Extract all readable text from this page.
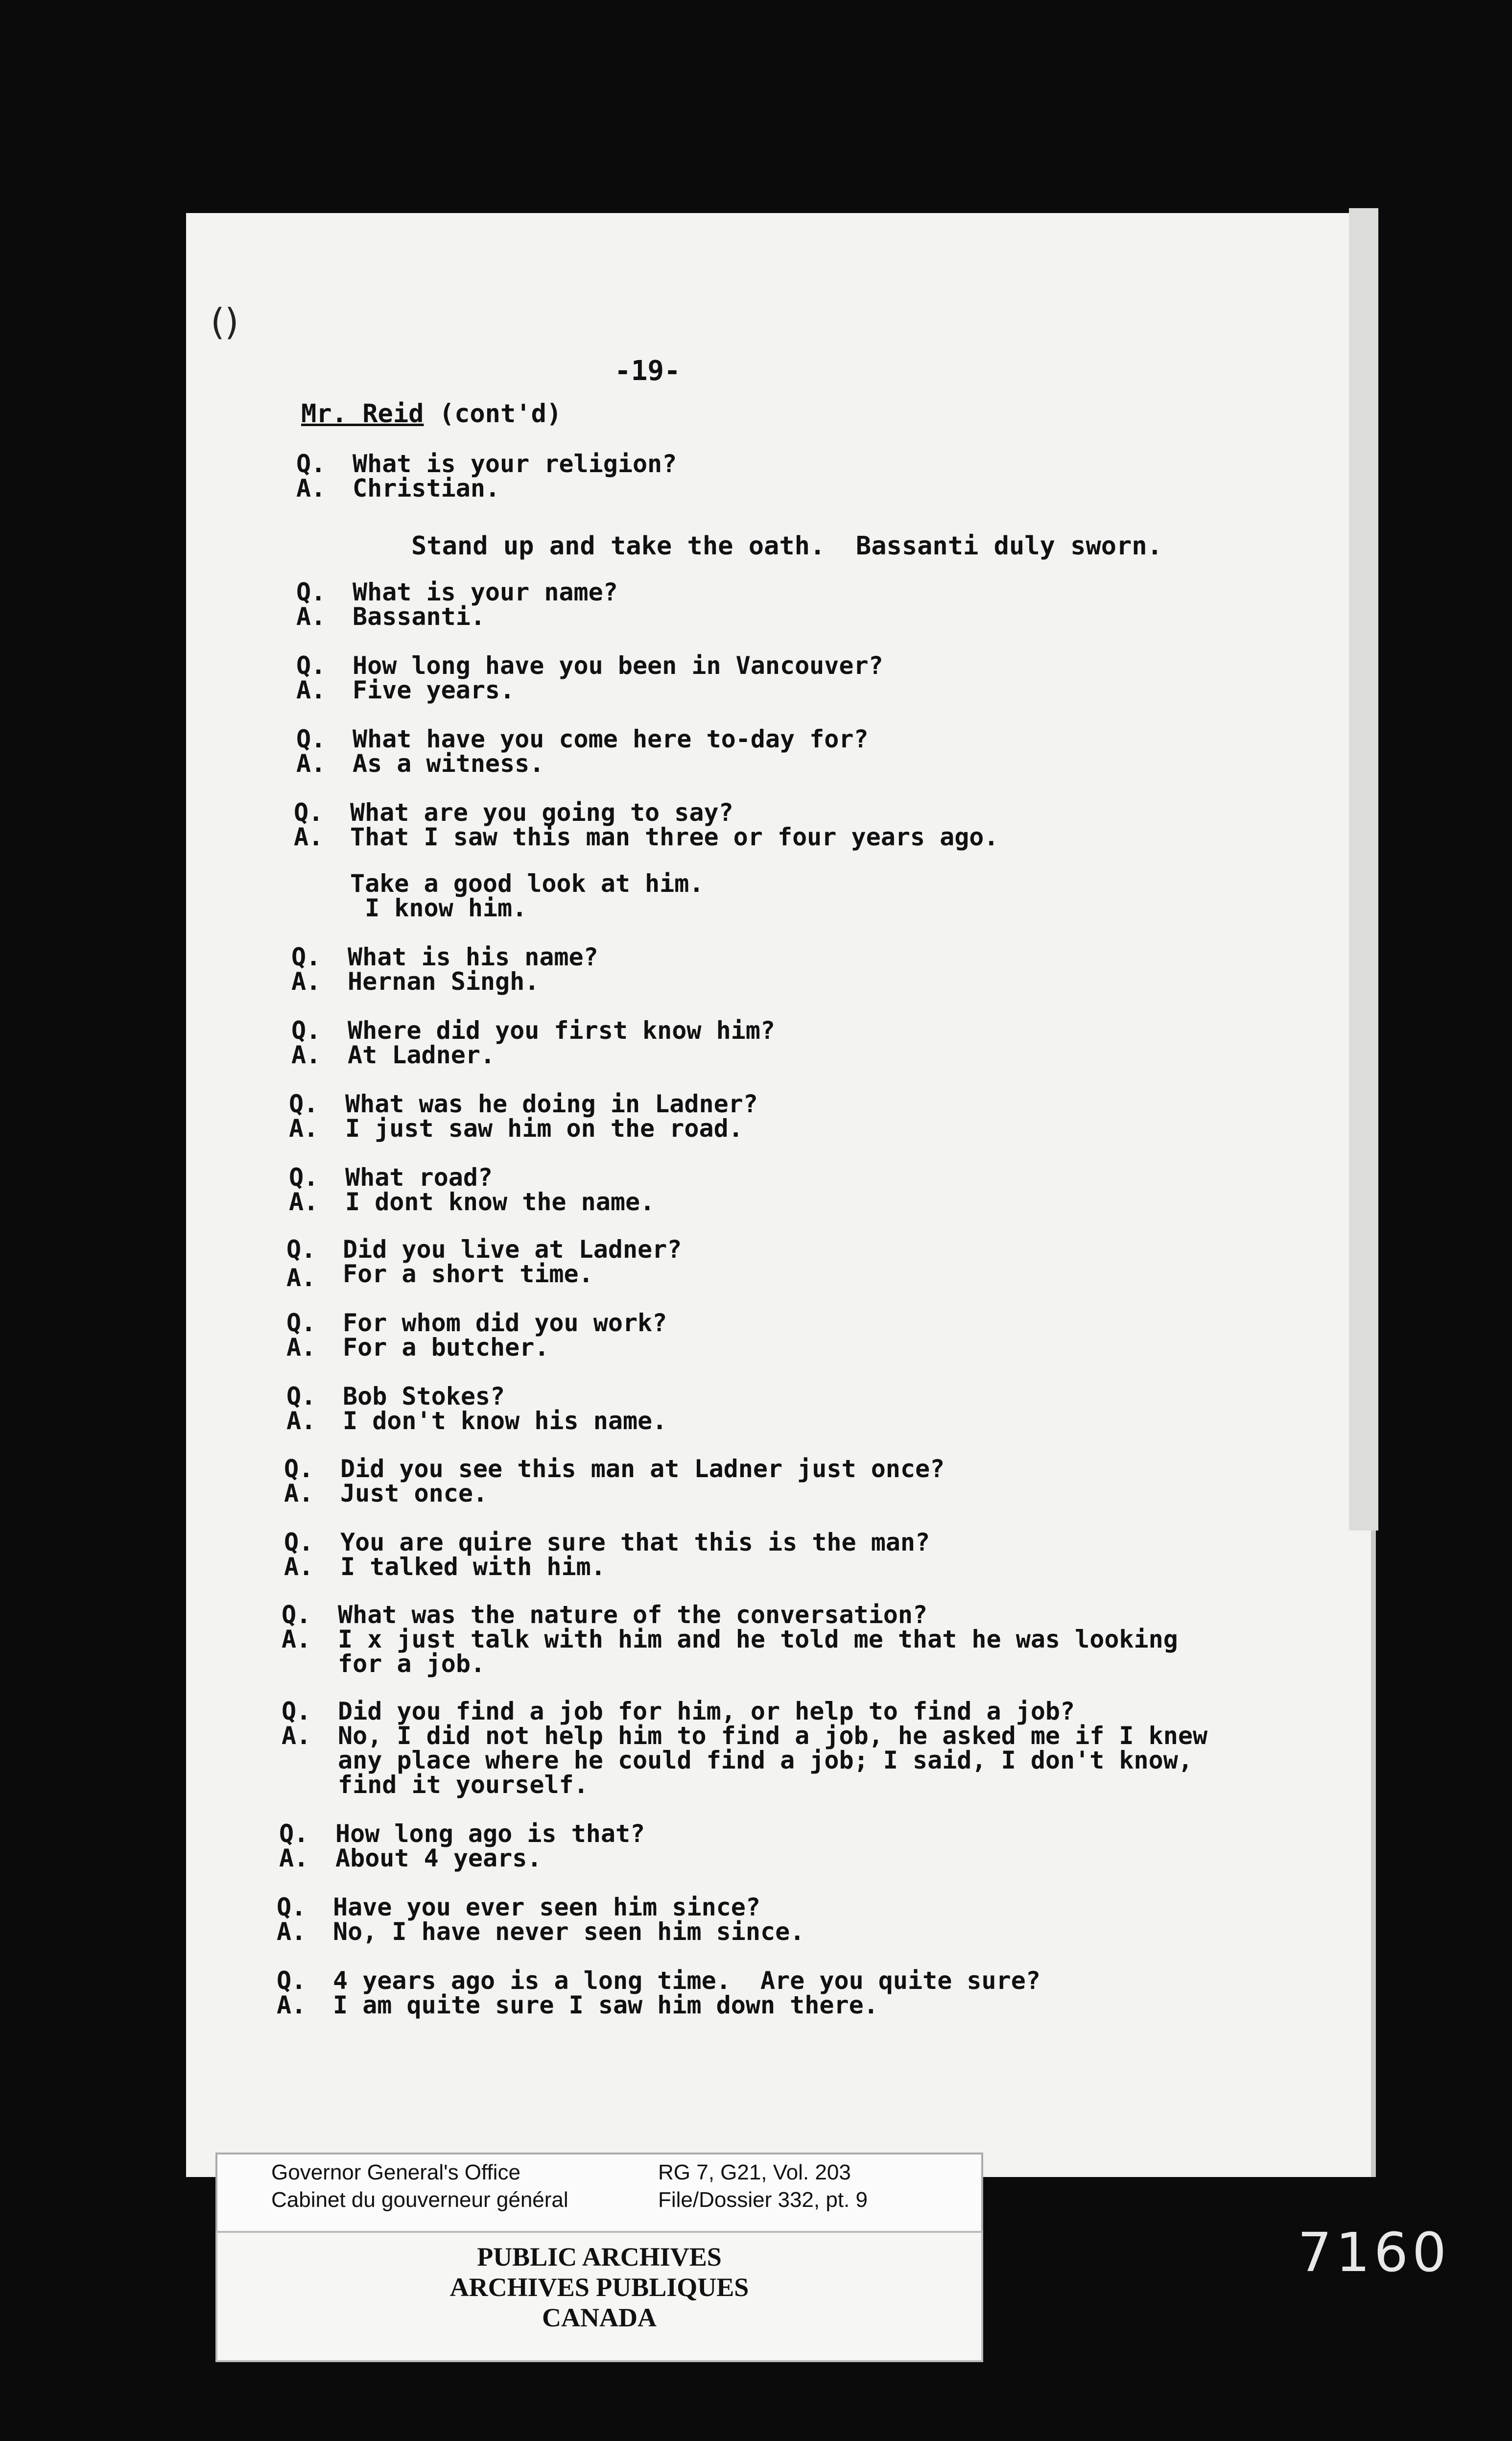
()
-19-
Mr. Reid (cont'd)
Q. What is your religion?
A. Christian.
Stand up and take the oath.  Bassanti duly sworn.
Q. What is your name?
A. Bassanti.
Q. How long have you been in Vancouver?
A. Five years.
Q. What have you come here to-day for?
A. As a witness.
Q. What are you going to say?
A. That I saw this man three or four years ago.
Take a good look at him.
I know him.
Q. What is his name?
A. Hernan Singh.
Q. Where did you first know him?
A. At Ladner.
Q. What was he doing in Ladner?
A. I just saw him on the road.
Q. What road?
A. I dont know the name.
Q. Did you live at Ladner?
A. For a short time.
Q. For whom did you work?
A. For a butcher.
Q. Bob Stokes?
A. I don't know his name.
Q. Did you see this man at Ladner just once?
A. Just once.
Q. You are quire sure that this is the man?
A. I talked with him.
Q. What was the nature of the conversation?
A. I x just talk with him and he told me that he was looking
for a job.
Q. Did you find a job for him, or help to find a job?
A. No, I did not help him to find a job, he asked me if I knew
any place where he could find a job; I said, I don't know,
find it yourself.
Q. How long ago is that?
A. About 4 years.
Q. Have you ever seen him since?
A. No, I have never seen him since.
Q. 4 years ago is a long time.  Are you quite sure?
A. I am quite sure I saw him down there.
Governor General's Office
Cabinet du gouverneur général
RG 7, G21, Vol. 203
File/Dossier 332, pt. 9
PUBLIC ARCHIVES
ARCHIVES PUBLIQUES
CANADA
7160
